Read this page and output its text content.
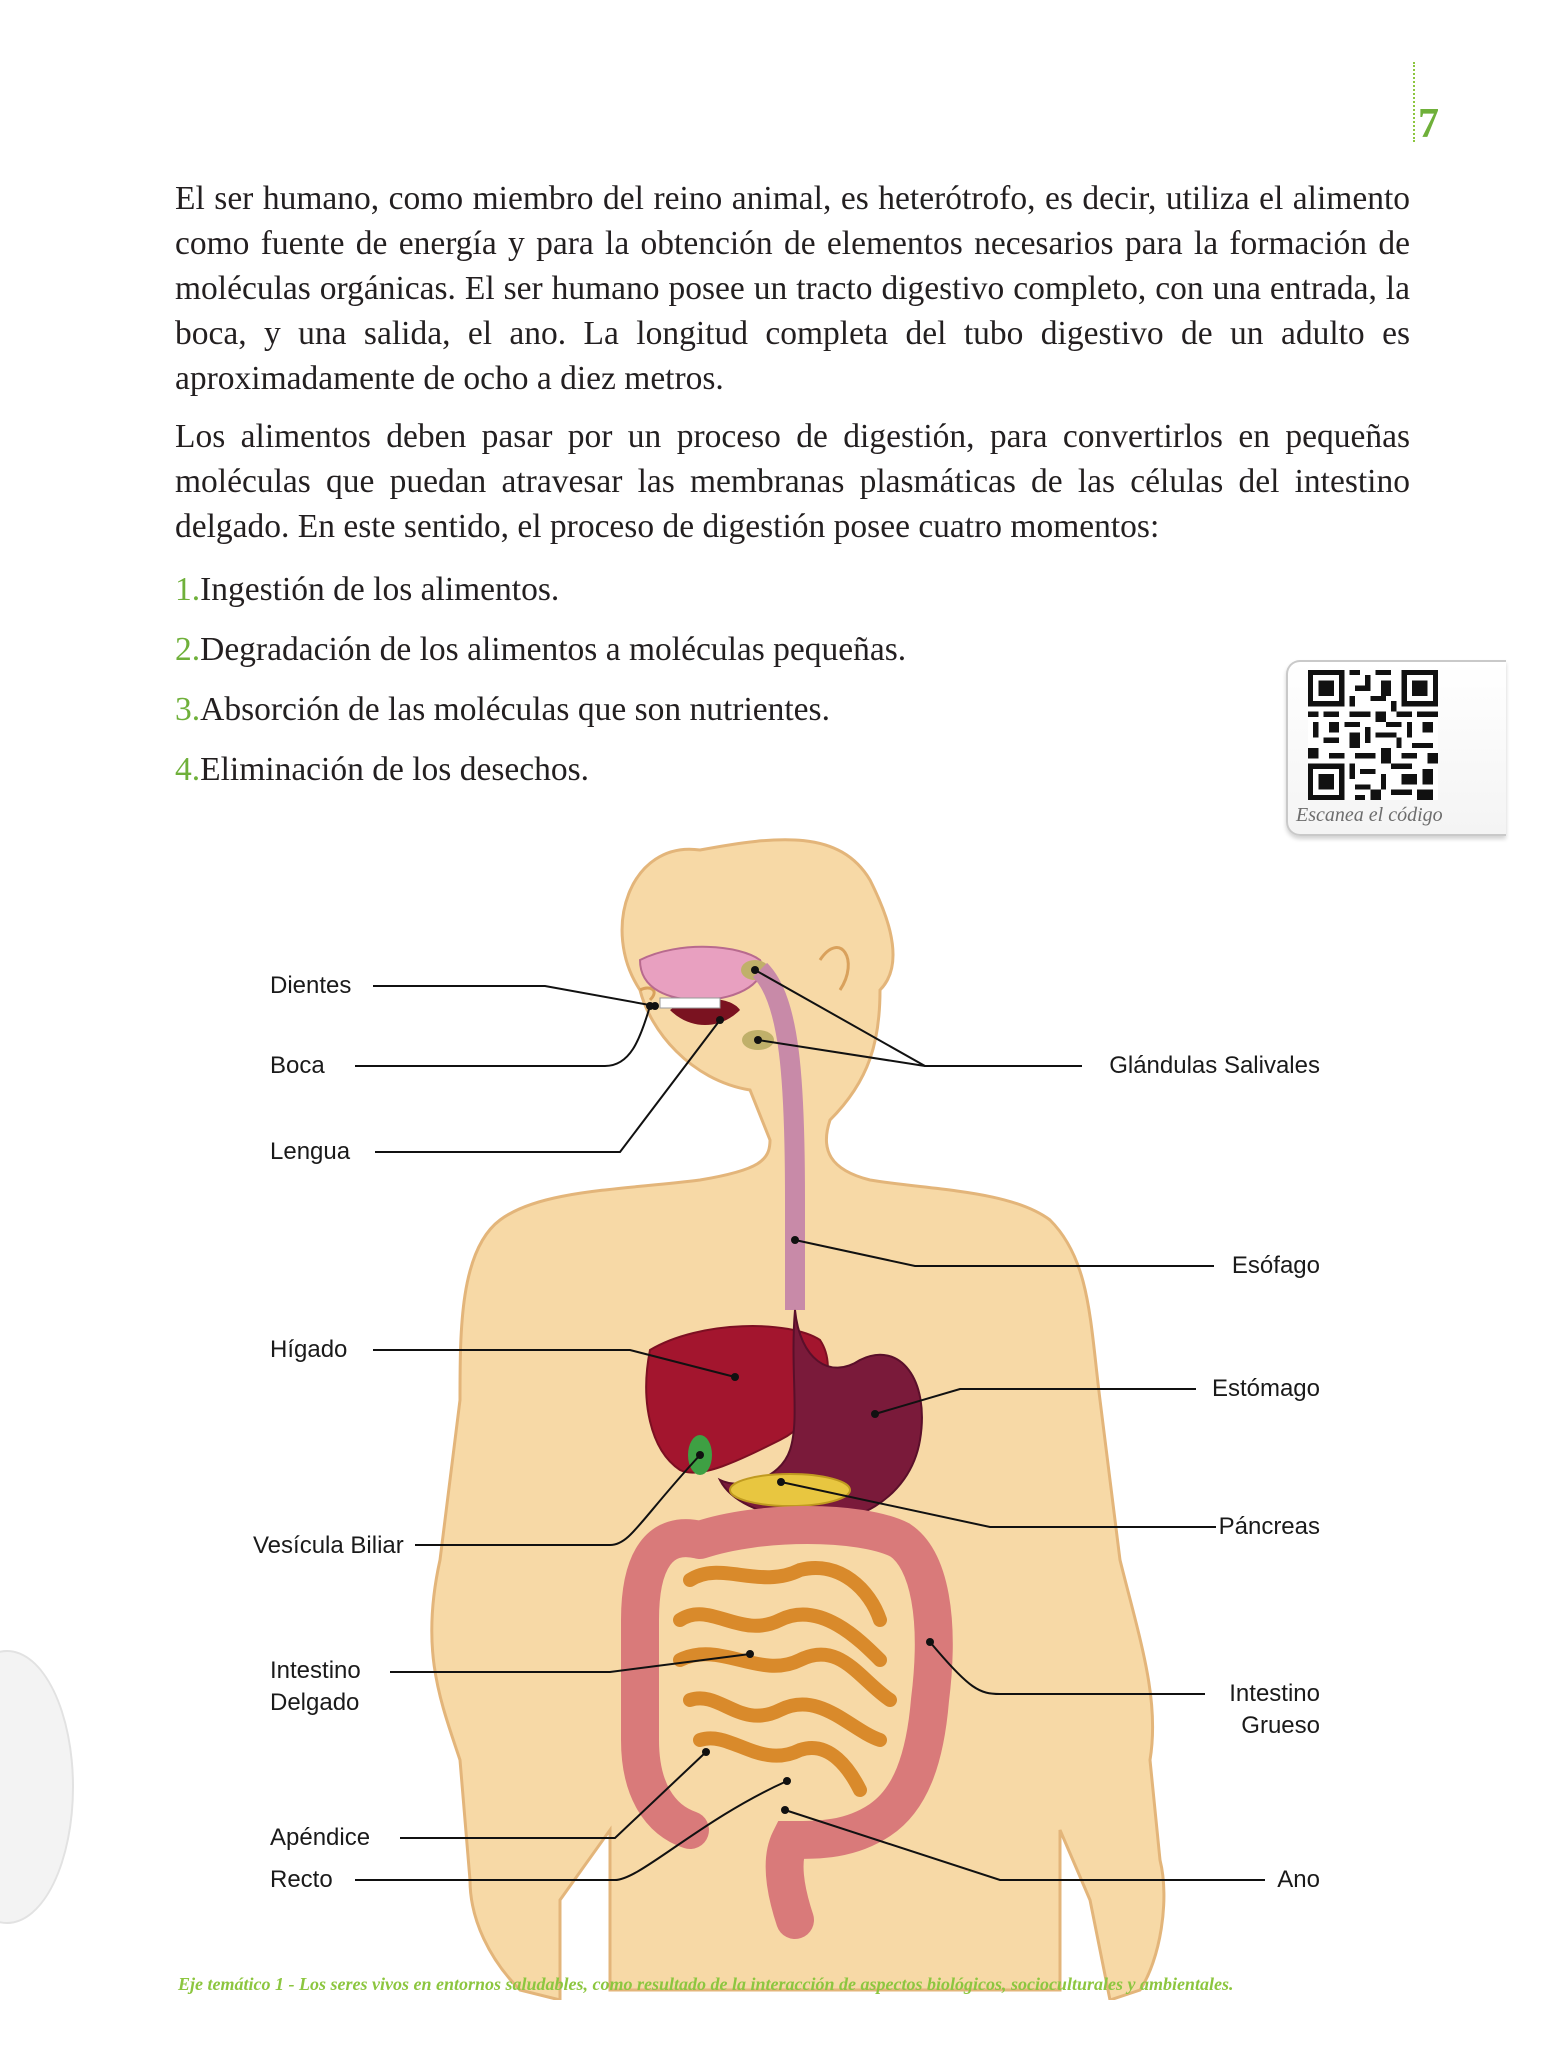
7

El ser humano, como miembro del reino animal, es heterótrofo, es decir, utiliza el alimento como fuente de energía y para la obtención de elementos necesarios para la formación de moléculas orgánicas. El ser humano posee un tracto digestivo completo, con una entrada, la boca, y una salida, el ano. La longitud completa del tubo digestivo de un adulto es aproximadamente de ocho a diez metros.

Los alimentos deben pasar por un proceso de digestión, para convertirlos en pequeñas moléculas que puedan atravesar las membranas plasmáticas de las células del intestino delgado. En este sentido, el proceso de digestión posee cuatro momentos:

1.Ingestión de los alimentos.
2.Degradación de los alimentos a moléculas pequeñas.
3.Absorción de las moléculas que son nutrientes.
4.Eliminación de los desechos.
Escanea el código
Dientes
Boca
Lengua
Hígado
Vesícula Biliar
Intestino
Delgado
Apéndice
Recto
Glándulas Salivales
Esófago
Estómago
Páncreas
Intestino
Grueso
Ano
Eje temático 1 - Los seres vivos en entornos saludables, como resultado de la interacción de aspectos biológicos, socioculturales y ambientales.
